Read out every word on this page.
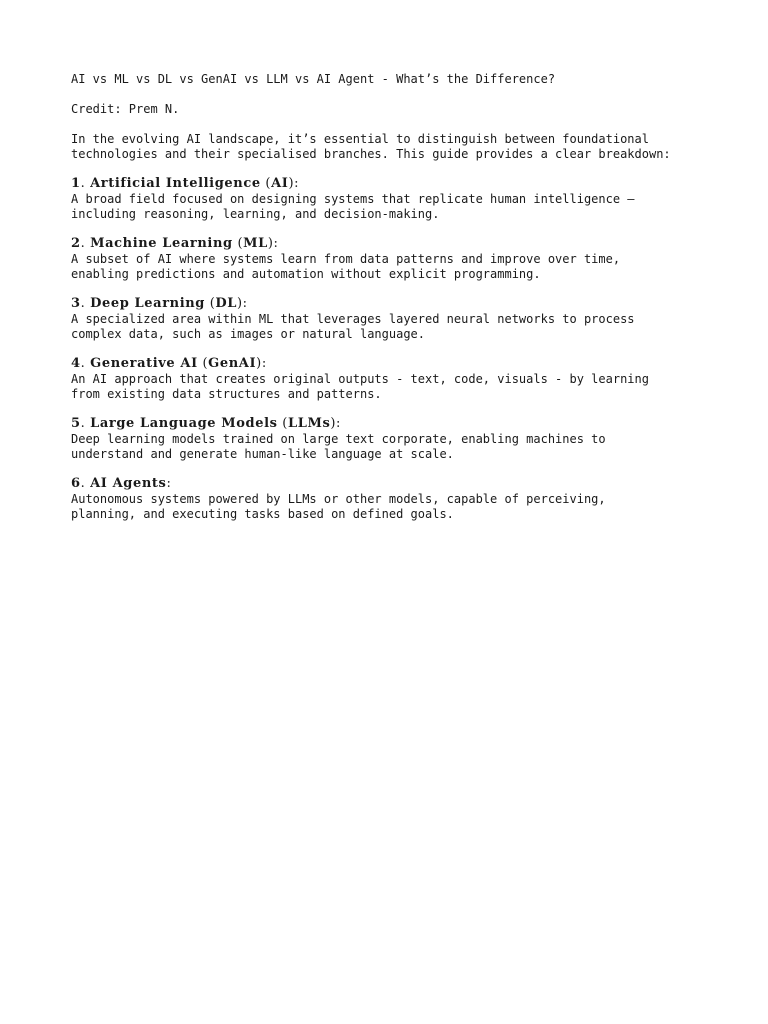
AI vs ML vs DL vs GenAI vs LLM vs AI Agent - What’s the Difference?

Credit: Prem N.

In the evolving AI landscape, it’s essential to distinguish between foundational
technologies and their specialised branches. This guide provides a clear breakdown:

1. Artificial Intelligence (AI):

A broad field focused on designing systems that replicate human intelligence —
including reasoning, learning, and decision-making.

2. Machine Learning (ML):

A subset of AI where systems learn from data patterns and improve over time,
enabling predictions and automation without explicit programming.

3. Deep Learning (DL):

A specialized area within ML that leverages layered neural networks to process
complex data, such as images or natural language.

4. Generative AI (GenAI):

An AI approach that creates original outputs - text, code, visuals - by learning
from existing data structures and patterns.

5. Large Language Models (LLMs):

Deep learning models trained on large text corporate, enabling machines to
understand and generate human-like language at scale.

6. AI Agents:

Autonomous systems powered by LLMs or other models, capable of perceiving,
planning, and executing tasks based on defined goals.
